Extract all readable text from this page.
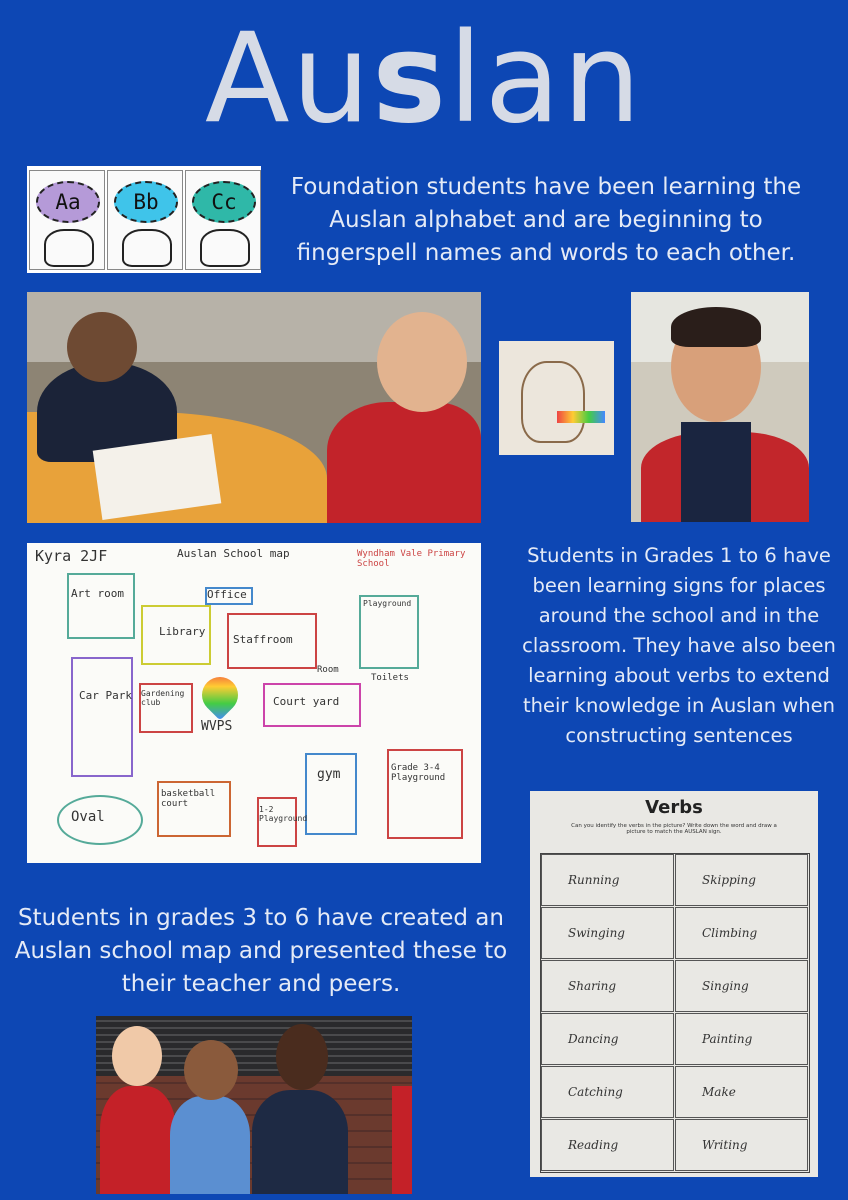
Auslan
Aa	Bb	Cc
Foundation students have been learning the Auslan alphabet and are beginning to fingerspell names and words to each other.
Kyra 2JF	Auslan School map	Wyndham Vale Primary School
Art room	Office
Library
Staffroom
Playground
Car Park Gardening club
WVPS
Court yard
Toilets
gym	Grade 3-4 Playground
basketball court
Oval	1-2 Playground
Room
Students in Grades 1 to 6 have been learning signs for places around the school and in the classroom. They have also been learning about verbs to extend their knowledge in Auslan when constructing sentences
Verbs
Can you identify the verbs in the picture? Write down the word and draw a picture to match the AUSLAN sign.
Running	Skipping
Swinging	Climbing
Sharing	Singing
Dancing	Painting
Catching	Make
Reading	Writing
Students in grades 3 to 6 have created an Auslan school map and presented these to their teacher and peers.
